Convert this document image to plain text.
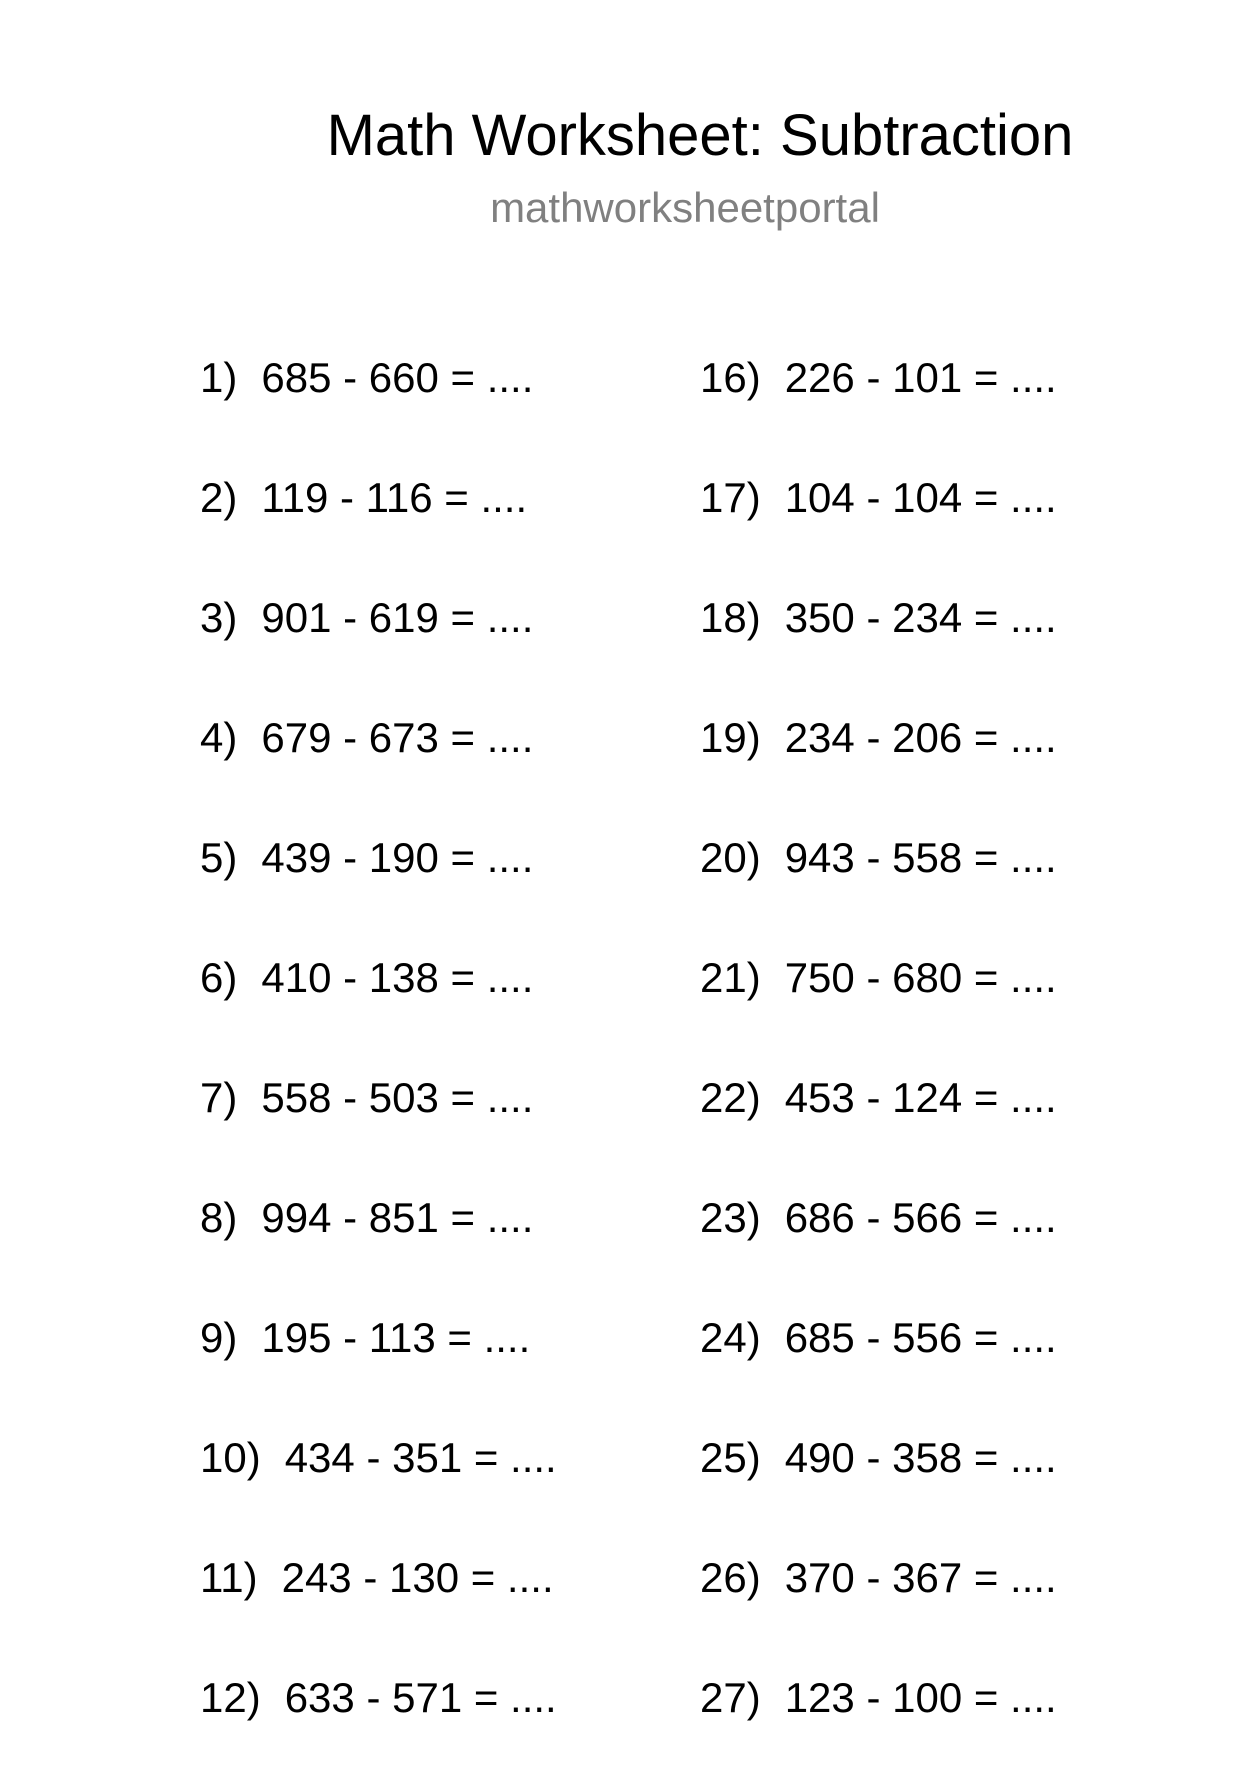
Math Worksheet: Subtraction
mathworksheetportal
1) 685 - 660 = ....
2) 119 - 116 = ....
3) 901 - 619 = ....
4) 679 - 673 = ....
5) 439 - 190 = ....
6) 410 - 138 = ....
7) 558 - 503 = ....
8) 994 - 851 = ....
9) 195 - 113 = ....
10) 434 - 351 = ....
11) 243 - 130 = ....
12) 633 - 571 = ....
16) 226 - 101 = ....
17) 104 - 104 = ....
18) 350 - 234 = ....
19) 234 - 206 = ....
20) 943 - 558 = ....
21) 750 - 680 = ....
22) 453 - 124 = ....
23) 686 - 566 = ....
24) 685 - 556 = ....
25) 490 - 358 = ....
26) 370 - 367 = ....
27) 123 - 100 = ....
